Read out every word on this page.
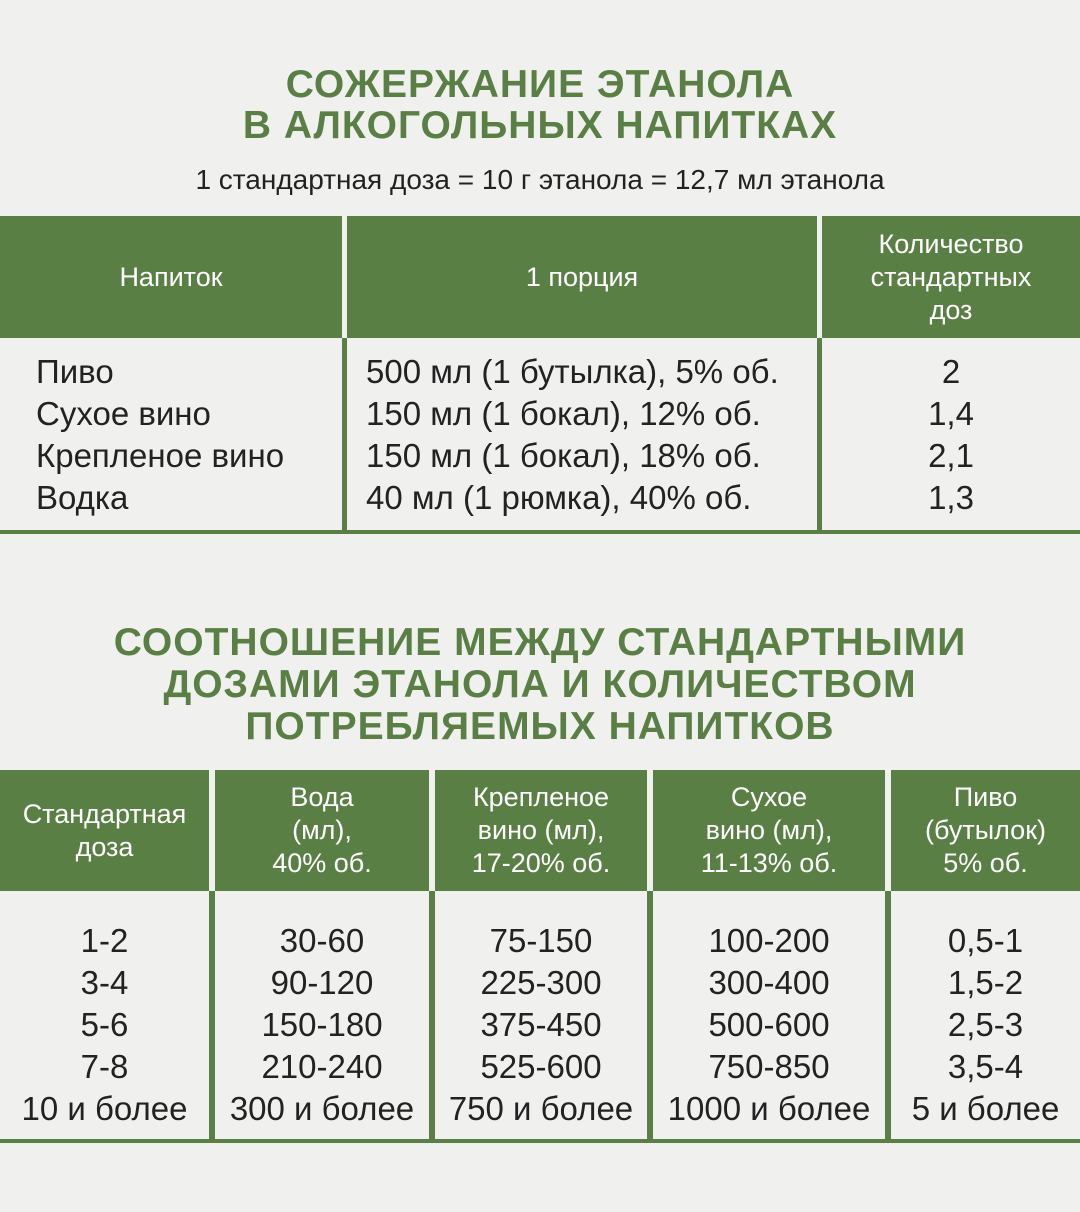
СОЖЕРЖАНИЕ ЭТАНОЛА
В АЛКОГОЛЬНЫХ НАПИТКАХ
1 стандартная доза = 10 г этанола = 12,7 мл этанола
Напиток	1 порция
Количество
стандартных
доз
Пиво
Сухое вино
Крепленое вино
Водка
500 мл (1 бутылка), 5% об.
150 мл (1 бокал), 12% об.
150 мл (1 бокал), 18% об.
40 мл (1 рюмка), 40% об.
2
1,4
2,1
1,3
СООТНОШЕНИЕ МЕЖДУ СТАНДАРТНЫМИ
ДОЗАМИ ЭТАНОЛА И КОЛИЧЕСТВОМ
ПОТРЕБЛЯЕМЫХ НАПИТКОВ
Стандартная
доза
Вода
(мл),
40% об.
Крепленое
вино (мл),
17-20% об.
Сухое
вино (мл),
11-13% об.
Пиво
(бутылок)
5% об.
1-2
3-4
5-6
7-8
10 и более
30-60
90-120
150-180
210-240
300 и более
75-150
225-300
375-450
525-600
750 и более
100-200
300-400
500-600
750-850
1000 и более
0,5-1
1,5-2
2,5-3
3,5-4
5 и более
